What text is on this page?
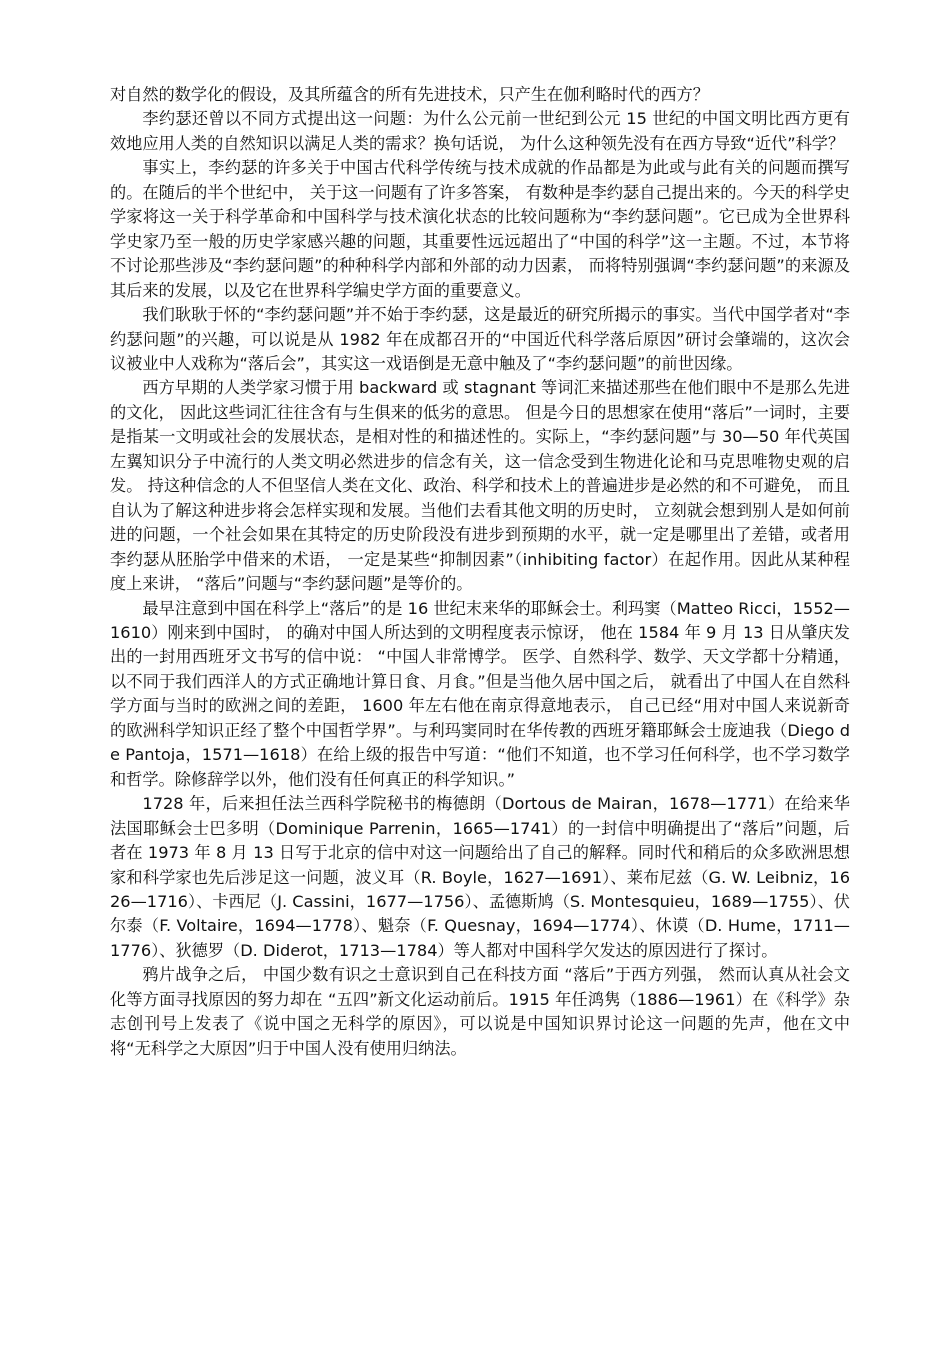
对自然的数学化的假设，及其所蕴含的所有先进技术，只产生在伽利略时代的西方？

李约瑟还曾以不同方式提出这一问题：为什么公元前一世纪到公元 15 世纪的中国文明比西方更有效地应用人类的自然知识以满足人类的需求？换句话说， 为什么这种领先没有在西方导致“近代”科学？

事实上，李约瑟的许多关于中国古代科学传统与技术成就的作品都是为此或与此有关的问题而撰写的。在随后的半个世纪中， 关于这一问题有了许多答案， 有数种是李约瑟自己提出来的。今天的科学史学家将这一关于科学革命和中国科学与技术演化状态的比较问题称为“李约瑟问题”。它已成为全世界科学史家乃至一般的历史学家感兴趣的问题，其重要性远远超出了“中国的科学”这一主题。不过，本节将不讨论那些涉及“李约瑟问题”的种种科学内部和外部的动力因素， 而将特别强调“李约瑟问题”的来源及其后来的发展，以及它在世界科学编史学方面的重要意义。

我们耿耿于怀的“李约瑟问题”并不始于李约瑟，这是最近的研究所揭示的事实。当代中国学者对“李约瑟问题”的兴趣，可以说是从 1982 年在成都召开的“中国近代科学落后原因”研讨会肇端的，这次会议被业中人戏称为“落后会”，其实这一戏语倒是无意中触及了“李约瑟问题”的前世因缘。

西方早期的人类学家习惯于用 backward 或 stagnant 等词汇来描述那些在他们眼中不是那么先进的文化， 因此这些词汇往往含有与生俱来的低劣的意思。 但是今日的思想家在使用“落后”一词时，主要是指某一文明或社会的发展状态，是相对性的和描述性的。实际上，“李约瑟问题”与 30—50 年代英国左翼知识分子中流行的人类文明必然进步的信念有关，这一信念受到生物进化论和马克思唯物史观的启发。 持这种信念的人不但坚信人类在文化、政治、科学和技术上的普遍进步是必然的和不可避免， 而且自认为了解这种进步将会怎样实现和发展。当他们去看其他文明的历史时， 立刻就会想到别人是如何前进的问题，一个社会如果在其特定的历史阶段没有进步到预期的水平，就一定是哪里出了差错，或者用李约瑟从胚胎学中借来的术语， 一定是某些“抑制因素”（inhibiting factor）在起作用。因此从某种程度上来讲， “落后”问题与“李约瑟问题”是等价的。

最早注意到中国在科学上“落后”的是 16 世纪末来华的耶稣会士。利玛窦（Matteo Ricci，1552—1610）刚来到中国时， 的确对中国人所达到的文明程度表示惊讶， 他在 1584 年 9 月 13 日从肇庆发出的一封用西班牙文书写的信中说： “中国人非常博学。 医学、自然科学、数学、天文学都十分精通，以不同于我们西洋人的方式正确地计算日食、月食。”但是当他久居中国之后， 就看出了中国人在自然科学方面与当时的欧洲之间的差距， 1600 年左右他在南京得意地表示， 自己已经“用对中国人来说新奇的欧洲科学知识正经了整个中国哲学界”。与利玛窦同时在华传教的西班牙籍耶稣会士庞迪我（Diego de Pantoja，1571—1618）在给上级的报告中写道：“他们不知道，也不学习任何科学，也不学习数学和哲学。除修辞学以外，他们没有任何真正的科学知识。”

1728 年，后来担任法兰西科学院秘书的梅德朗（Dortous de Mairan，1678—1771）在给来华法国耶稣会士巴多明（Dominique Parrenin，1665—1741）的一封信中明确提出了“落后”问题，后者在 1973 年 8 月 13 日写于北京的信中对这一问题给出了自己的解释。同时代和稍后的众多欧洲思想家和科学家也先后涉足这一问题，波义耳（R. Boyle，1627—1691）、莱布尼兹（G. W. Leibniz，1626—1716）、卡西尼（J. Cassini，1677—1756）、孟德斯鸠（S. Montesquieu，1689—1755）、伏尔泰（F. Voltaire，1694—1778）、魁奈（F. Quesnay，1694—1774）、休谟（D. Hume，1711—1776）、狄德罗（D. Diderot，1713—1784）等人都对中国科学欠发达的原因进行了探讨。

鸦片战争之后， 中国少数有识之士意识到自己在科技方面 “落后”于西方列强， 然而认真从社会文化等方面寻找原因的努力却在 “五四”新文化运动前后。1915 年任鸿隽（1886—1961）在《科学》杂志创刊号上发表了《说中国之无科学的原因》，可以说是中国知识界讨论这一问题的先声，他在文中将“无科学之大原因”归于中国人没有使用归纳法。
